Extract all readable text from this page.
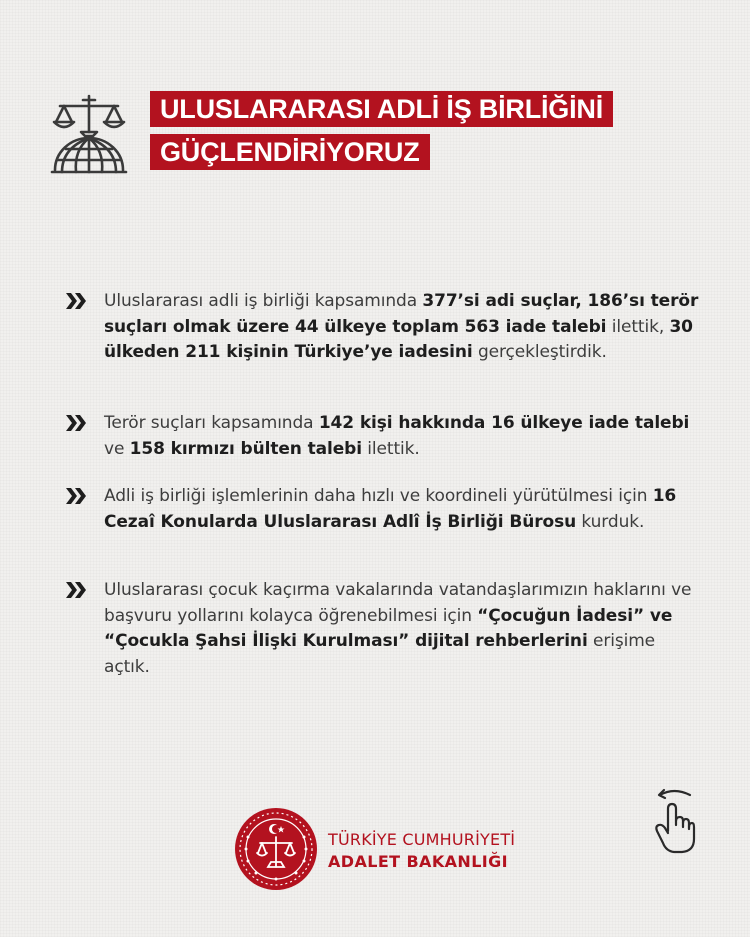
ULUSLARARASI ADLİ İŞ BİRLİĞİNİ
GÜÇLENDİRİYORUZ
Uluslararası adli iş birliği kapsamında 377’si adi suçlar, 186’sı terör suçları olmak üzere 44 ülkeye toplam 563 iade talebi ilettik, 30 ülkeden 211 kişinin Türkiye’ye iadesini gerçekleştirdik.
Terör suçları kapsamında 142 kişi hakkında 16 ülkeye iade talebi ve 158 kırmızı bülten talebi ilettik.
Adli iş birliği işlemlerinin daha hızlı ve koordineli yürütülmesi için 16 Cezaî Konularda Uluslararası Adlî İş Birliği Bürosu kurduk.
Uluslararası çocuk kaçırma vakalarında vatandaşlarımızın haklarını ve başvuru yollarını kolayca öğrenebilmesi için “Çocuğun İadesi” ve “Çocukla Şahsi İlişki Kurulması” dijital rehberlerini erişime açtık.
TÜRKİYE CUMHURİYETİ
ADALET BAKANLIĞI
